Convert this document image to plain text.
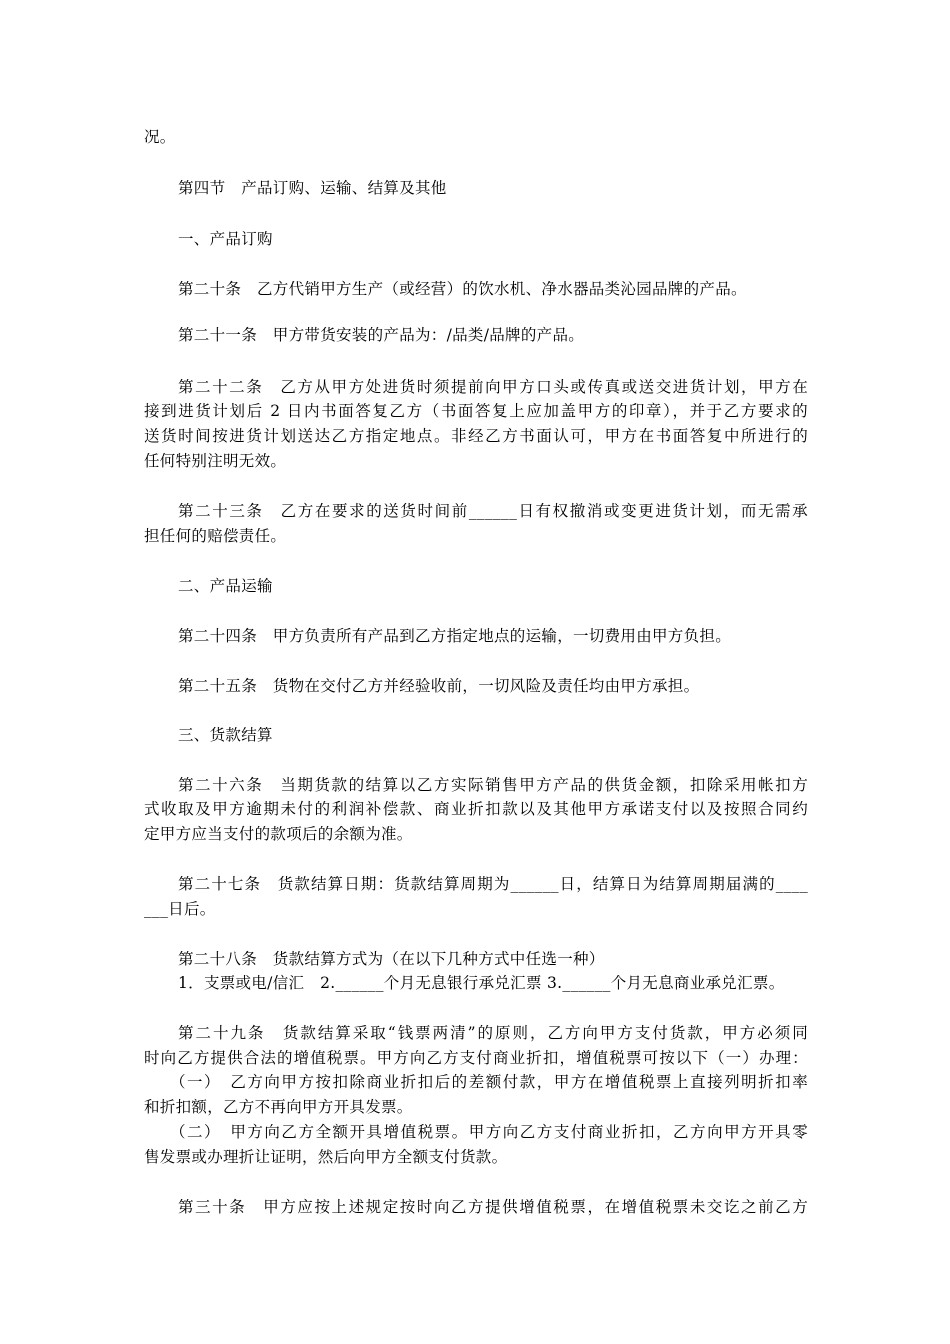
况。
第四节　产品订购、运输、结算及其他
一、产品订购
第二十条　乙方代销甲方生产（或经营）的饮水机、净水器品类沁园品牌的产品。
第二十一条　甲方带货安装的产品为：/品类/品牌的产品。
第二十二条　乙方从甲方处进货时须提前向甲方口头或传真或送交进货计划，甲方在
接到进货计划后 2 日内书面答复乙方（书面答复上应加盖甲方的印章），并于乙方要求的
送货时间按进货计划送达乙方指定地点。非经乙方书面认可，甲方在书面答复中所进行的
任何特别注明无效。
第二十三条　乙方在要求的送货时间前______日有权撤消或变更进货计划，而无需承
担任何的赔偿责任。
二、产品运输
第二十四条　甲方负责所有产品到乙方指定地点的运输，一切费用由甲方负担。
第二十五条　货物在交付乙方并经验收前，一切风险及责任均由甲方承担。
三、货款结算
第二十六条　当期货款的结算以乙方实际销售甲方产品的供货金额，扣除采用帐扣方
式收取及甲方逾期未付的利润补偿款、商业折扣款以及其他甲方承诺支付以及按照合同约
定甲方应当支付的款项后的余额为准。
第二十七条　货款结算日期：货款结算周期为______日，结算日为结算周期届满的____
___日后。
第二十八条　货款结算方式为（在以下几种方式中任选一种）
1．支票或电/信汇　2.______个月无息银行承兑汇票 3.______个月无息商业承兑汇票。
第二十九条　货款结算采取“钱票两清”的原则，乙方向甲方支付货款，甲方必须同
时向乙方提供合法的增值税票。甲方向乙方支付商业折扣，增值税票可按以下（一）办理：
（一）　乙方向甲方按扣除商业折扣后的差额付款，甲方在增值税票上直接列明折扣率
和折扣额，乙方不再向甲方开具发票。
（二）　甲方向乙方全额开具增值税票。甲方向乙方支付商业折扣，乙方向甲方开具零
售发票或办理折让证明，然后向甲方全额支付货款。
第三十条　甲方应按上述规定按时向乙方提供增值税票，在增值税票未交讫之前乙方
